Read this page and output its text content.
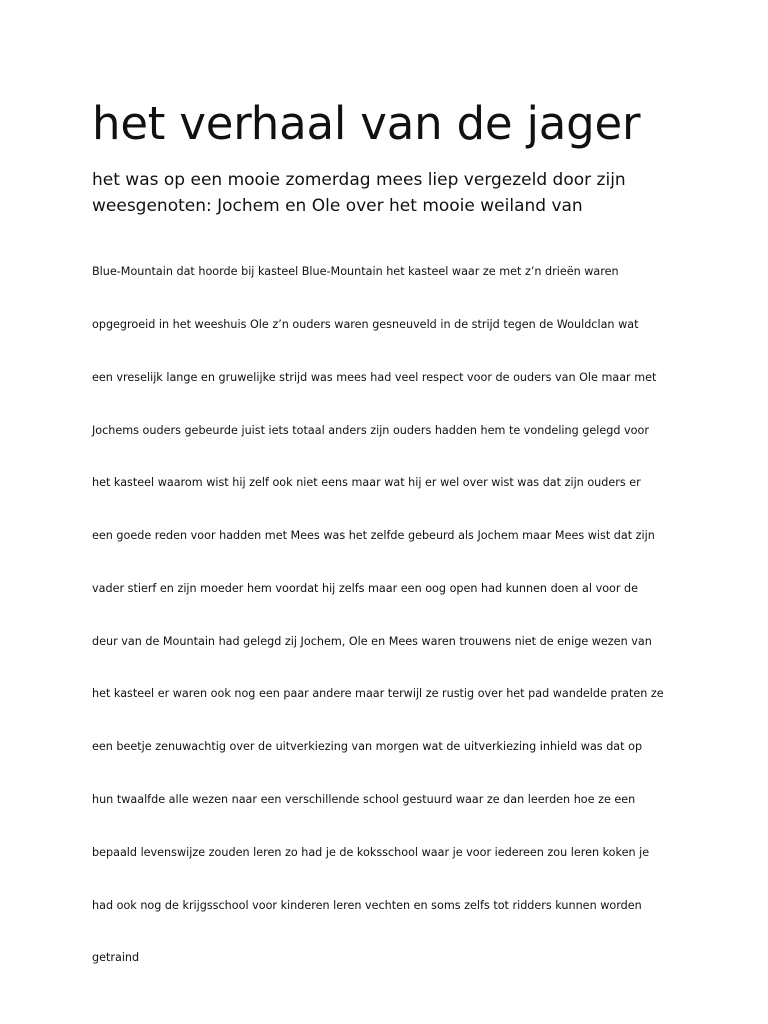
het verhaal van de jager

het was op een mooie zomerdag mees liep vergezeld door zijn
weesgenoten: Jochem en Ole over het mooie weiland van

Blue-Mountain dat hoorde bij kasteel Blue-Mountain het kasteel waar ze met z’n drieën waren

opgegroeid in het weeshuis Ole z’n ouders waren gesneuveld in de strijd tegen de Wouldclan wat

een vreselijk lange en gruwelijke strijd was mees had veel respect voor de ouders van Ole maar met

Jochems ouders gebeurde juist iets totaal anders zijn ouders hadden hem te vondeling gelegd voor

het kasteel waarom wist hij zelf ook niet eens maar wat hij er wel over wist was dat zijn ouders er

een goede reden voor hadden met Mees was het zelfde gebeurd als Jochem maar Mees wist dat zijn

vader stierf en zijn moeder hem voordat hij zelfs maar een oog open had kunnen doen al voor de

deur van de Mountain had gelegd zij Jochem, Ole en Mees waren trouwens niet de enige wezen van

het kasteel er waren ook nog een paar andere maar terwijl ze rustig over het pad wandelde praten ze

een beetje zenuwachtig over de uitverkiezing van morgen wat de uitverkiezing inhield was dat op

hun twaalfde alle wezen naar een verschillende school gestuurd waar ze dan leerden hoe ze een

bepaald levenswijze zouden leren zo had je de koksschool waar je voor iedereen zou leren koken je

had ook nog de krijgsschool voor kinderen leren vechten en soms zelfs tot ridders kunnen worden

getraind
